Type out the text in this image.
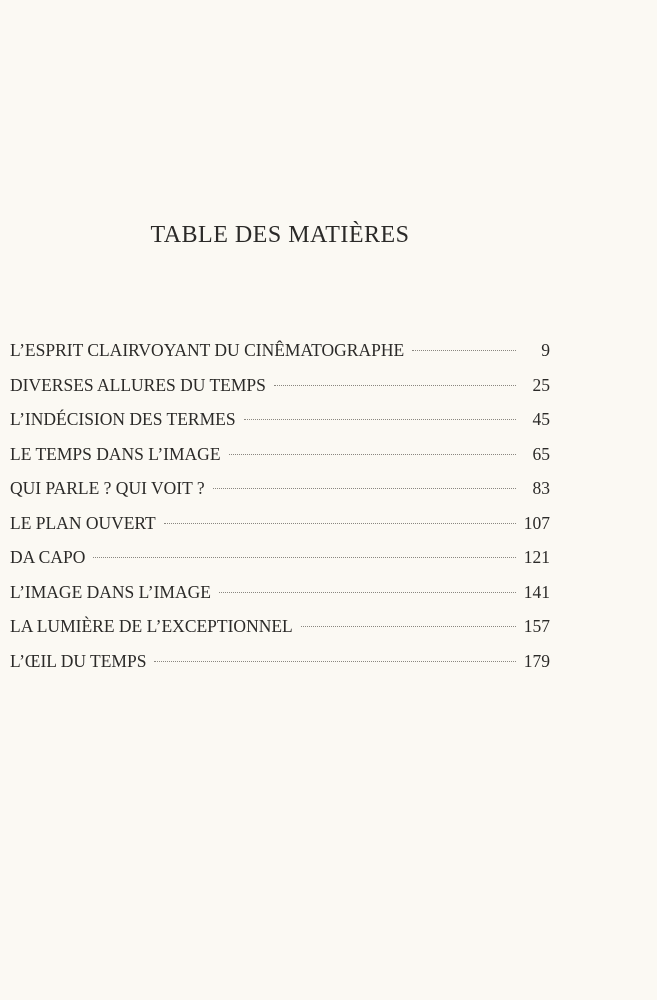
TABLE DES MATIÈRES
L’ESPRIT CLAIRVOYANT DU CINÊMATOGRAPHE	9
DIVERSES ALLURES DU TEMPS	25
L’INDÉCISION DES TERMES	45
LE TEMPS DANS L’IMAGE	65
QUI PARLE ? QUI VOIT ?	83
LE PLAN OUVERT	107
DA CAPO	121
L’IMAGE DANS L’IMAGE	141
LA LUMIÈRE DE L’EXCEPTIONNEL	157
L’ŒIL DU TEMPS	179
